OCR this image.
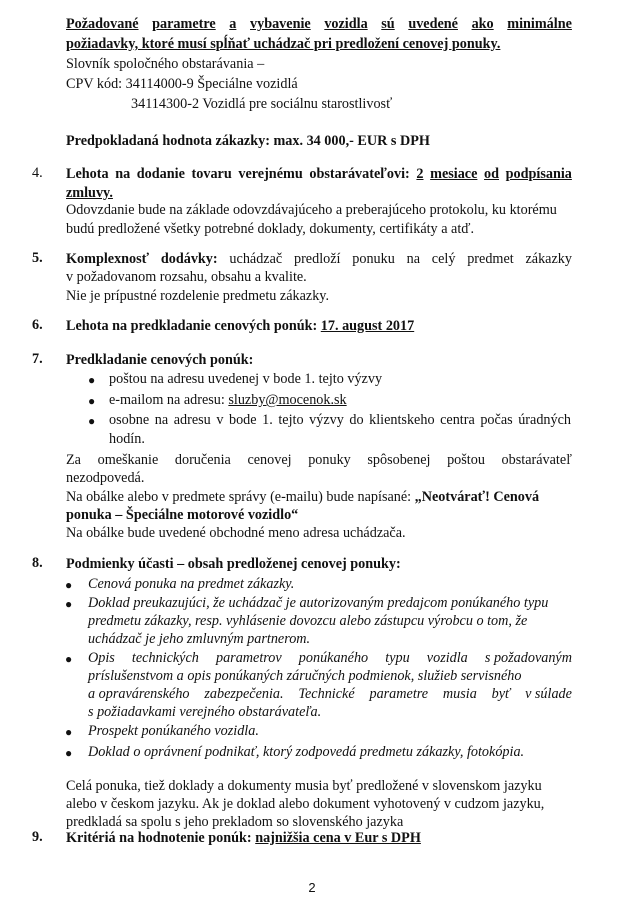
Požadované parametre a vybavenie vozidla sú uvedené ako minimálne
požiadavky, ktoré musí spĺňať uchádzač pri predložení cenovej ponuky.
Slovník spoločného obstarávania –
CPV kód: 34114000-9 Špeciálne vozidlá
34114300-2 Vozidlá pre sociálnu starostlivosť
Predpokladaná hodnota zákazky: max. 34 000,- EUR s DPH
4. Lehota na dodanie tovaru verejnému obstarávateľovi: 2 mesiace od podpísania
zmluvy.
Odovzdanie bude na základe odovzdávajúceho a preberajúceho protokolu, ku ktorému
budú predložené všetky potrebné doklady, dokumenty, certifikáty a atď.
5. Komplexnosť dodávky: uchádzač predloží ponuku na celý predmet zákazky
v požadovanom rozsahu, obsahu a kvalite.
Nie je prípustné rozdelenie predmetu zákazky.
6. Lehota na predkladanie cenových ponúk: 17. august 2017
7. Predkladanie cenových ponúk:
● poštou na adresu uvedenej v bode 1. tejto výzvy
● e-mailom na adresu: sluzby@mocenok.sk
● osobne na adresu v bode 1. tejto výzvy do klientskeho centra počas úradných
hodín.
Za omeškanie doručenia cenovej ponuky spôsobenej poštou obstarávateľ
nezodpovedá.
Na obálke alebo v predmete správy (e-mailu) bude napísané: „Neotvárať! Cenová
ponuka – Špeciálne motorové vozidlo“
Na obálke bude uvedené obchodné meno adresa uchádzača.
8. Podmienky účasti – obsah predloženej cenovej ponuky:
● Cenová ponuka na predmet zákazky.
● Doklad preukazujúci, že uchádzač je autorizovaným predajcom ponúkaného typu
predmetu zákazky, resp. vyhlásenie dovozcu alebo zástupcu výrobcu o tom, že
uchádzač je jeho zmluvným partnerom.
● Opis technických parametrov ponúkaného typu vozidla s požadovaným
príslušenstvom a opis ponúkaných záručných podmienok, služieb servisného
a opravárenského zabezpečenia. Technické parametre musia byť v súlade
s požiadavkami verejného obstarávateľa.
● Prospekt ponúkaného vozidla.
● Doklad o oprávnení podnikať, ktorý zodpovedá predmetu zákazky, fotokópia.
Celá ponuka, tiež doklady a dokumenty musia byť predložené v slovenskom jazyku
alebo v českom jazyku. Ak je doklad alebo dokument vyhotovený v cudzom jazyku,
predkladá sa spolu s jeho prekladom so slovenského jazyka
9. Kritériá na hodnotenie ponúk: najnižšia cena v Eur s DPH
2
